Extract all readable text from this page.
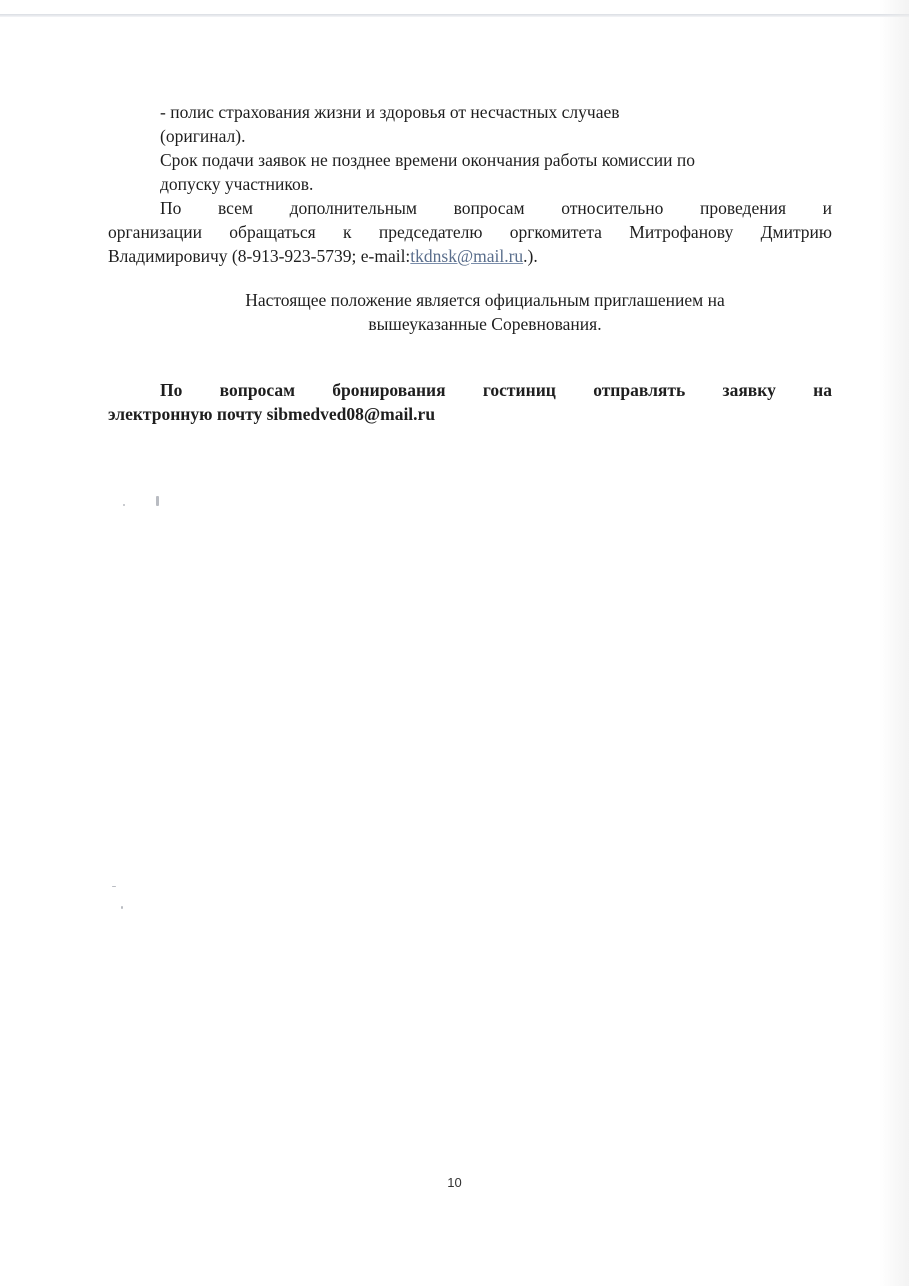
- полис страхования жизни и здоровья от несчастных случаев
(оригинал).
Срок подачи заявок не позднее времени окончания работы комиссии по
допуску участников.
По всем дополнительным вопросам относительно проведения и
организации обращаться к председателю оргкомитета Митрофанову Дмитрию
Владимировичу (8-913-923-5739; e-mail:tkdnsk@mail.ru.).
Настоящее положение является официальным приглашением на
вышеуказанные Соревнования.
По вопросам бронирования гостиниц отправлять заявку на
электронную почту sibmedved08@mail.ru
10
